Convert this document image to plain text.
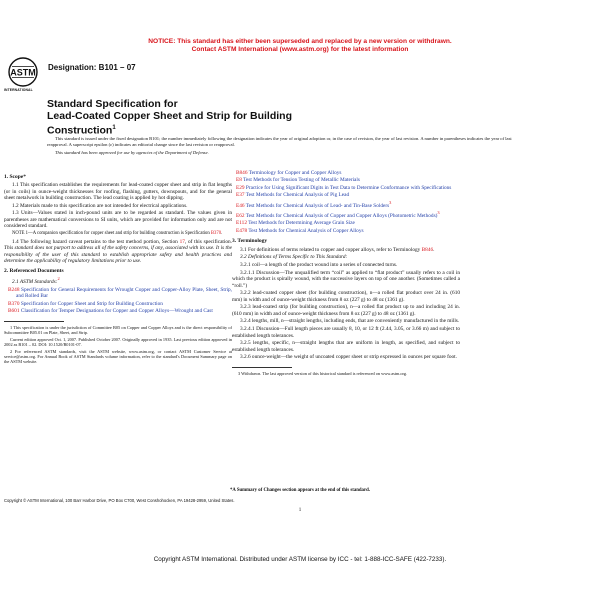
NOTICE: This standard has either been superseded and replaced by a new version or withdrawn.
Contact ASTM International (www.astm.org) for the latest information
ASTM
INTERNATIONAL
Designation: B101 – 07
Standard Specification for
Lead-Coated Copper Sheet and Strip for Building
Construction$^1$

This standard is issued under the fixed designation B101; the number immediately following the designation indicates the year of original adoption or, in the case of revision, the year of last revision. A number in parentheses indicates the year of last reapproval. A superscript epsilon (ε) indicates an editorial change since the last revision or reapproval.

This standard has been approved for use by agencies of the Department of Defense.

1. Scope*

1.1 This specification establishes the requirements for lead-coated copper sheet and strip in flat lengths (or in coils) in ounce-weight thicknesses for roofing, flashing, gutters, downspouts, and for the general sheet metalwork in building construction. The lead coating is applied by hot dipping.

1.2 Materials made to this specification are not intended for electrical applications.

1.3 Units—Values stated in inch-pound units are to be regarded as standard. The values given in parentheses are mathematical conversions to SI units, which are provided for information only and are not considered standard.

NOTE 1—A companion specification for copper sheet and strip for building construction is Specification B370.

1.4 The following hazard caveat pertains to the test method portion, Section 17, of this specification. This standard does not purport to address all of the safety concerns, if any, associated with its use. It is the responsibility of the user of this standard to establish appropriate safety and health practices and determine the applicability of regulatory limitations prior to use.

2. Referenced Documents

2.1 ASTM Standards:$^2$

B248 Specification for General Requirements for Wrought Copper and Copper-Alloy Plate, Sheet, Strip, and Rolled Bar
B370 Specification for Copper Sheet and Strip for Building Construction
B601 Classification for Temper Designations for Copper and Copper Alloys—Wrought and Cast
1 This specification is under the jurisdiction of Committee B05 on Copper and Copper Alloys and is the direct responsibility of Subcommittee B05.01 on Plate, Sheet, and Strip.
Current edition approved Oct. 1, 2007. Published October 2007. Originally approved in 1935. Last previous edition approved in 2002 as B101 – 02. DOI: 10.1520/B0101-07.
2 For referenced ASTM standards, visit the ASTM website, www.astm.org, or contact ASTM Customer Service at service@astm.org. For Annual Book of ASTM Standards volume information, refer to the standard's Document Summary page on the ASTM website.
B846 Terminology for Copper and Copper Alloys
E8 Test Methods for Tension Testing of Metallic Materials
E29 Practice for Using Significant Digits in Test Data to Determine Conformance with Specifications
E37 Test Methods for Chemical Analysis of Pig Lead
E46 Test Methods for Chemical Analysis of Lead- and Tin-Base Solders$^3$
E62 Test Methods for Chemical Analysis of Copper and Copper Alloys (Photometric Methods)$^3$
E112 Test Methods for Determining Average Grain Size
E478 Test Methods for Chemical Analysis of Copper Alloys
3. Terminology

3.1 For definitions of terms related to copper and copper alloys, refer to Terminology B846.

3.2 Definitions of Terms Specific to This Standard:

3.2.1 coil—a length of the product wound into a series of connected turns.

3.2.1.1 Discussion—The unqualified term “coil” as applied to “flat product” usually refers to a coil in which the product is spirally wound, with the successive layers on top of one another. (Sometimes called a “roll.”)

3.2.2 lead-coated copper sheet (for building construction), n—a rolled flat product over 24 in. (610 mm) in width and of ounce-weight thickness from 8 oz (227 g) to 48 oz (1361 g).

3.2.3 lead-coated strip (for building construction), n—a rolled flat product up to and including 24 in. (610 mm) in width and of ounce-weight thickness from 8 oz (227 g) to 48 oz (1361 g).

3.2.4 lengths, mill, n—straight lengths, including ends, that are conveniently manufactured in the mills.

3.2.4.1 Discussion—Full length pieces are usually 8, 10, or 12 ft (2.44, 3.05, or 3.66 m) and subject to established length tolerances.

3.2.5 lengths, specific, n—straight lengths that are uniform in length, as specified, and subject to established length tolerances.

3.2.6 ounce-weight—the weight of uncoated copper sheet or strip expressed in ounces per square foot.

3 Withdrawn. The last approved version of this historical standard is referenced on www.astm.org.
*A Summary of Changes section appears at the end of this standard.
Copyright © ASTM International, 100 Barr Harbor Drive, PO Box C700, West Conshohocken, PA 19428-2959, United States.
1
Copyright ASTM International. Distributed under ASTM license by ICC - tel: 1-888-ICC-SAFE (422-7233).
